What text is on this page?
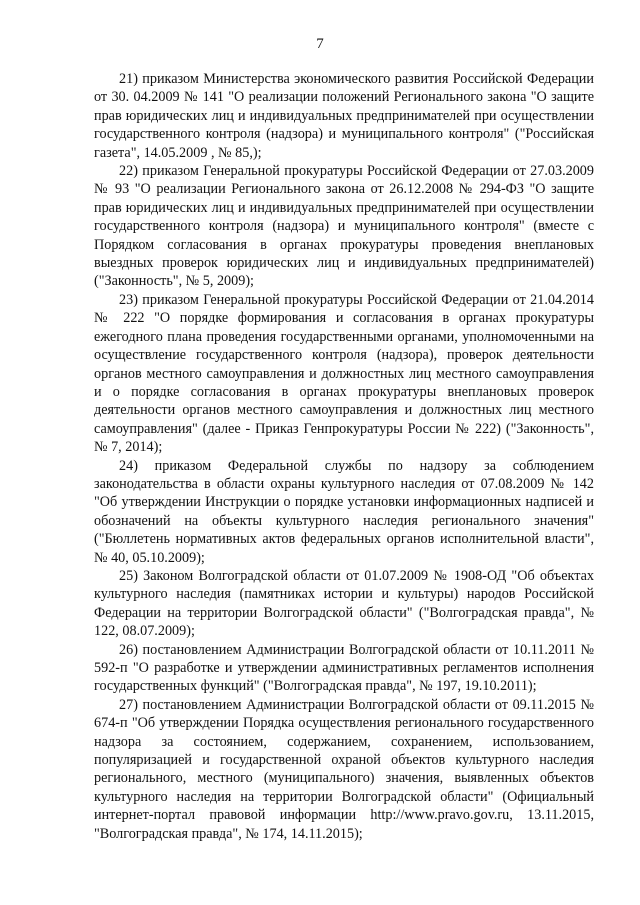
7

21) приказом Министерства экономического развития Российской Федерации от 30. 04.2009 № 141 "О реализации положений Регионального закона "О защите прав юридических лиц и индивидуальных предпринимателей при осуществлении государственного контроля (надзора) и муниципального контроля" ("Российская газета", 14.05.2009 , № 85,);

22) приказом Генеральной прокуратуры Российской Федерации от 27.03.2009 № 93 "О реализации Регионального закона от 26.12.2008 № 294-ФЗ "О защите прав юридических лиц и индивидуальных предпринимателей при осуществлении государственного контроля (надзора) и муниципального контроля" (вместе с Порядком согласования в органах прокуратуры проведения внеплановых выездных проверок юридических лиц и индивидуальных предпринимателей) ("Законность", № 5, 2009);

23) приказом Генеральной прокуратуры Российской Федерации от 21.04.2014 № 222 "О порядке формирования и согласования в органах прокуратуры ежегодного плана проведения государственными органами, уполномоченными на осуществление государственного контроля (надзора), проверок деятельности органов местного самоуправления и должностных лиц местного самоуправления и о порядке согласования в органах прокуратуры внеплановых проверок деятельности органов местного самоуправления и должностных лиц местного самоуправления" (далее - Приказ Генпрокуратуры России № 222) ("Законность", № 7, 2014);

24) приказом Федеральной службы по надзору за соблюдением законодательства в области охраны культурного наследия от 07.08.2009 № 142 "Об утверждении Инструкции о порядке установки информационных надписей и обозначений на объекты культурного наследия регионального значения" ("Бюллетень нормативных актов федеральных органов исполнительной власти", № 40, 05.10.2009);

25) Законом Волгоградской области от 01.07.2009 № 1908-ОД "Об объектах культурного наследия (памятниках истории и культуры) народов Российской Федерации на территории Волгоградской области" ("Волгоградская правда", № 122, 08.07.2009);

26) постановлением Администрации Волгоградской области от 10.11.2011 № 592-п "О разработке и утверждении административных регламентов исполнения государственных функций" ("Волгоградская правда", № 197, 19.10.2011);

27) постановлением Администрации Волгоградской области от 09.11.2015 № 674-п "Об утверждении Порядка осуществления регионального государственного надзора за состоянием, содержанием, сохранением, использованием, популяризацией и государственной охраной объектов культурного наследия регионального, местного (муниципального) значения, выявленных объектов культурного наследия на территории Волгоградской области" (Официальный интернет-портал правовой информации http://www.pravo.gov.ru, 13.11.2015, "Волгоградская правда", № 174, 14.11.2015);
